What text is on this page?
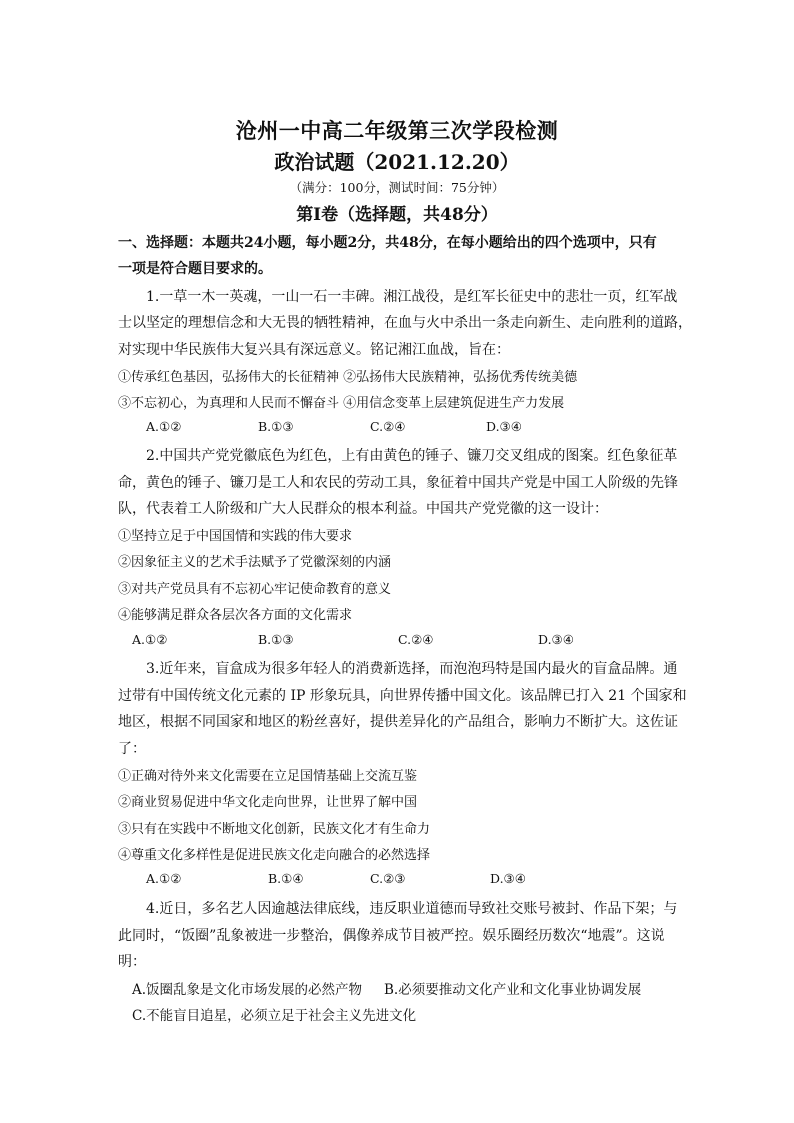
沧州一中高二年级第三次学段检测
政治试题（2021.12.20）
（满分：100分，测试时间：75分钟）
第Ⅰ卷（选择题，共48分）
一、选择题：本题共24小题，每小题2分，共48分，在每小题给出的四个选项中，只有
一项是符合题目要求的。
1.一草一木一英魂，一山一石一丰碑。湘江战役，是红军长征史中的悲壮一页，红军战
士以坚定的理想信念和大无畏的牺牲精神，在血与火中杀出一条走向新生、走向胜利的道路，
对实现中华民族伟大复兴具有深远意义。铭记湘江血战，旨在：
①传承红色基因，弘扬伟大的长征精神 ②弘扬伟大民族精神，弘扬优秀传统美德
③不忘初心，为真理和人民而不懈奋斗 ④用信念变革上层建筑促进生产力发展
A.①②	B.①③	C.②④	D.③④
2.中国共产党党徽底色为红色，上有由黄色的锤子、镰刀交叉组成的图案。红色象征革
命，黄色的锤子、镰刀是工人和农民的劳动工具，象征着中国共产党是中国工人阶级的先锋
队，代表着工人阶级和广大人民群众的根本利益。中国共产党党徽的这一设计：
①坚持立足于中国国情和实践的伟大要求
②因象征主义的艺术手法赋予了党徽深刻的内涵
③对共产党员具有不忘初心牢记使命教育的意义
④能够满足群众各层次各方面的文化需求
A.①②	B.①③	C.②④	D.③④
3.近年来，盲盒成为很多年轻人的消费新选择，而泡泡玛特是国内最火的盲盒品牌。通
过带有中国传统文化元素的 IP 形象玩具，向世界传播中国文化。该品牌已打入 21 个国家和
地区，根据不同国家和地区的粉丝喜好，提供差异化的产品组合，影响力不断扩大。这佐证
了：
①正确对待外来文化需要在立足国情基础上交流互鉴
②商业贸易促进中华文化走向世界，让世界了解中国
③只有在实践中不断地文化创新，民族文化才有生命力
④尊重文化多样性是促进民族文化走向融合的必然选择
A.①②	B.①④	C.②③	D.③④
4.近日，多名艺人因逾越法律底线，违反职业道德而导致社交账号被封、作品下架；与
此同时，“饭圈”乱象被进一步整治，偶像养成节目被严控。娱乐圈经历数次“地震”。这说
明：
A.饭圈乱象是文化市场发展的必然产物 B.必须要推动文化产业和文化事业协调发展
C.不能盲目追星，必须立足于社会主义先进文化
